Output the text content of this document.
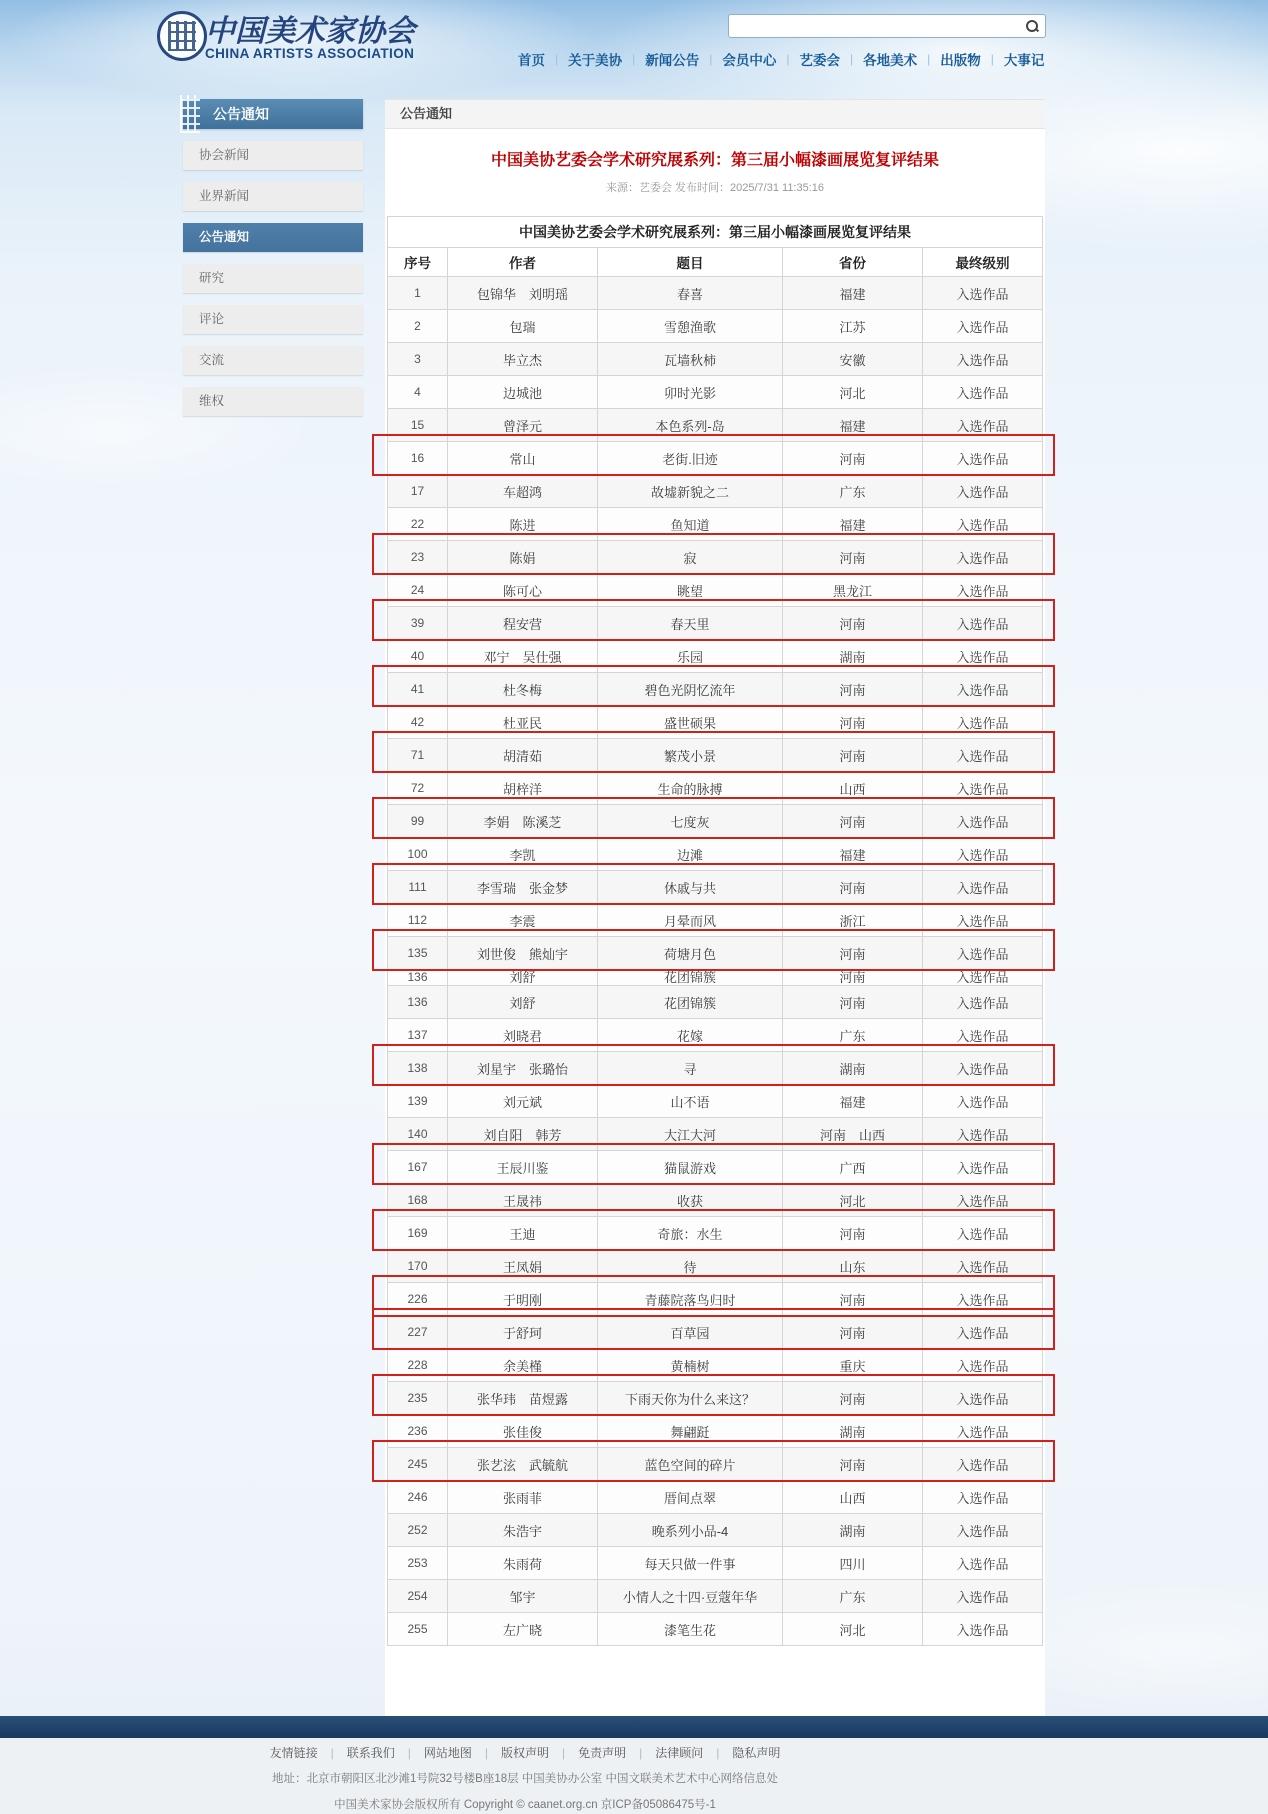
中国美术家协会
CHINA ARTISTS ASSOCIATION	首页 | 关于美协 | 新闻公告 | 会员中心 | 艺委会 | 各地美术 | 出版物 | 大事记
公告通知
协会新闻
业界新闻
公告通知
研究
评论
交流
维权
公告通知
中国美协艺委会学术研究展系列：第三届小幅漆画展览复评结果
来源：艺委会 发布时间：2025/7/31 11:35:16
中国美协艺委会学术研究展系列：第三届小幅漆画展览复评结果				
序号	作者	题目	省份	最终级别
1	包锦华　刘明瑶	春喜	福建	入选作品
2	包瑞	雪憩渔歌	江苏	入选作品
3	毕立杰	瓦墙秋柿	安徽	入选作品
4	边城池	卯时光影	河北	入选作品
15	曾泽元	本色系列-岛	福建	入选作品
16	常山	老街.旧迹	河南	入选作品
17	车超鸿	故墟新貌之二	广东	入选作品
22	陈进	鱼知道	福建	入选作品
23	陈娟	寂	河南	入选作品
24	陈可心	眺望	黑龙江	入选作品
39	程安营	春天里	河南	入选作品
40	邓宁　吴仕强	乐园	湖南	入选作品
41	杜冬梅	碧色光阴忆流年	河南	入选作品
42	杜亚民	盛世硕果	河南	入选作品
71	胡清茹	繁茂小景	河南	入选作品
72	胡梓洋	生命的脉搏	山西	入选作品
99	李娟　陈溪芝	七度灰	河南	入选作品
100	李凯	边滩	福建	入选作品
111	李雪瑞　张金梦	休戚与共	河南	入选作品
112	李震	月晕而风	浙江	入选作品
135	刘世俊　熊灿宇	荷塘月色	河南	入选作品
136	刘舒	花团锦簇	河南	入选作品
136	刘舒	花团锦簇	河南	入选作品
137	刘晓君	花嫁	广东	入选作品
138	刘星宇　张璐怡	寻	湖南	入选作品
139	刘元斌	山不语	福建	入选作品
140	刘自阳　韩芳	大江大河	河南　山西	入选作品
167	王辰川鉴	猫鼠游戏	广西	入选作品
168	王晟祎	收获	河北	入选作品
169	王迪	奇旅：水生	河南	入选作品
170	王凤娟	待	山东	入选作品
226	于明刚	青藤院落鸟归时	河南	入选作品
227	于舒珂	百草园	河南	入选作品
228	余美槿	黄楠树	重庆	入选作品
235	张华玮　苗煜露	下雨天你为什么来这？	河南	入选作品
236	张佳俊	舞翩跹	湖南	入选作品
245	张艺泫　武毓航	蓝色空间的碎片	河南	入选作品
246	张雨菲	厝间点翠	山西	入选作品
252	朱浩宇	晚系列小品-4	湖南	入选作品
253	朱雨荷	每天只做一件事	四川	入选作品
254	邹宇	小情人之十四·豆蔻年华	广东	入选作品
255	左广晓	漆笔生花	河北	入选作品
友情链接 | 联系我们 | 网站地图 | 版权声明 | 免责声明 | 法律顾问 | 隐私声明
地址：北京市朝阳区北沙滩1号院32号楼B座18层 中国美协办公室 中国文联美术艺术中心网络信息处
中国美术家协会版权所有 Copyright © caanet.org.cn 京ICP备05086475号-1
